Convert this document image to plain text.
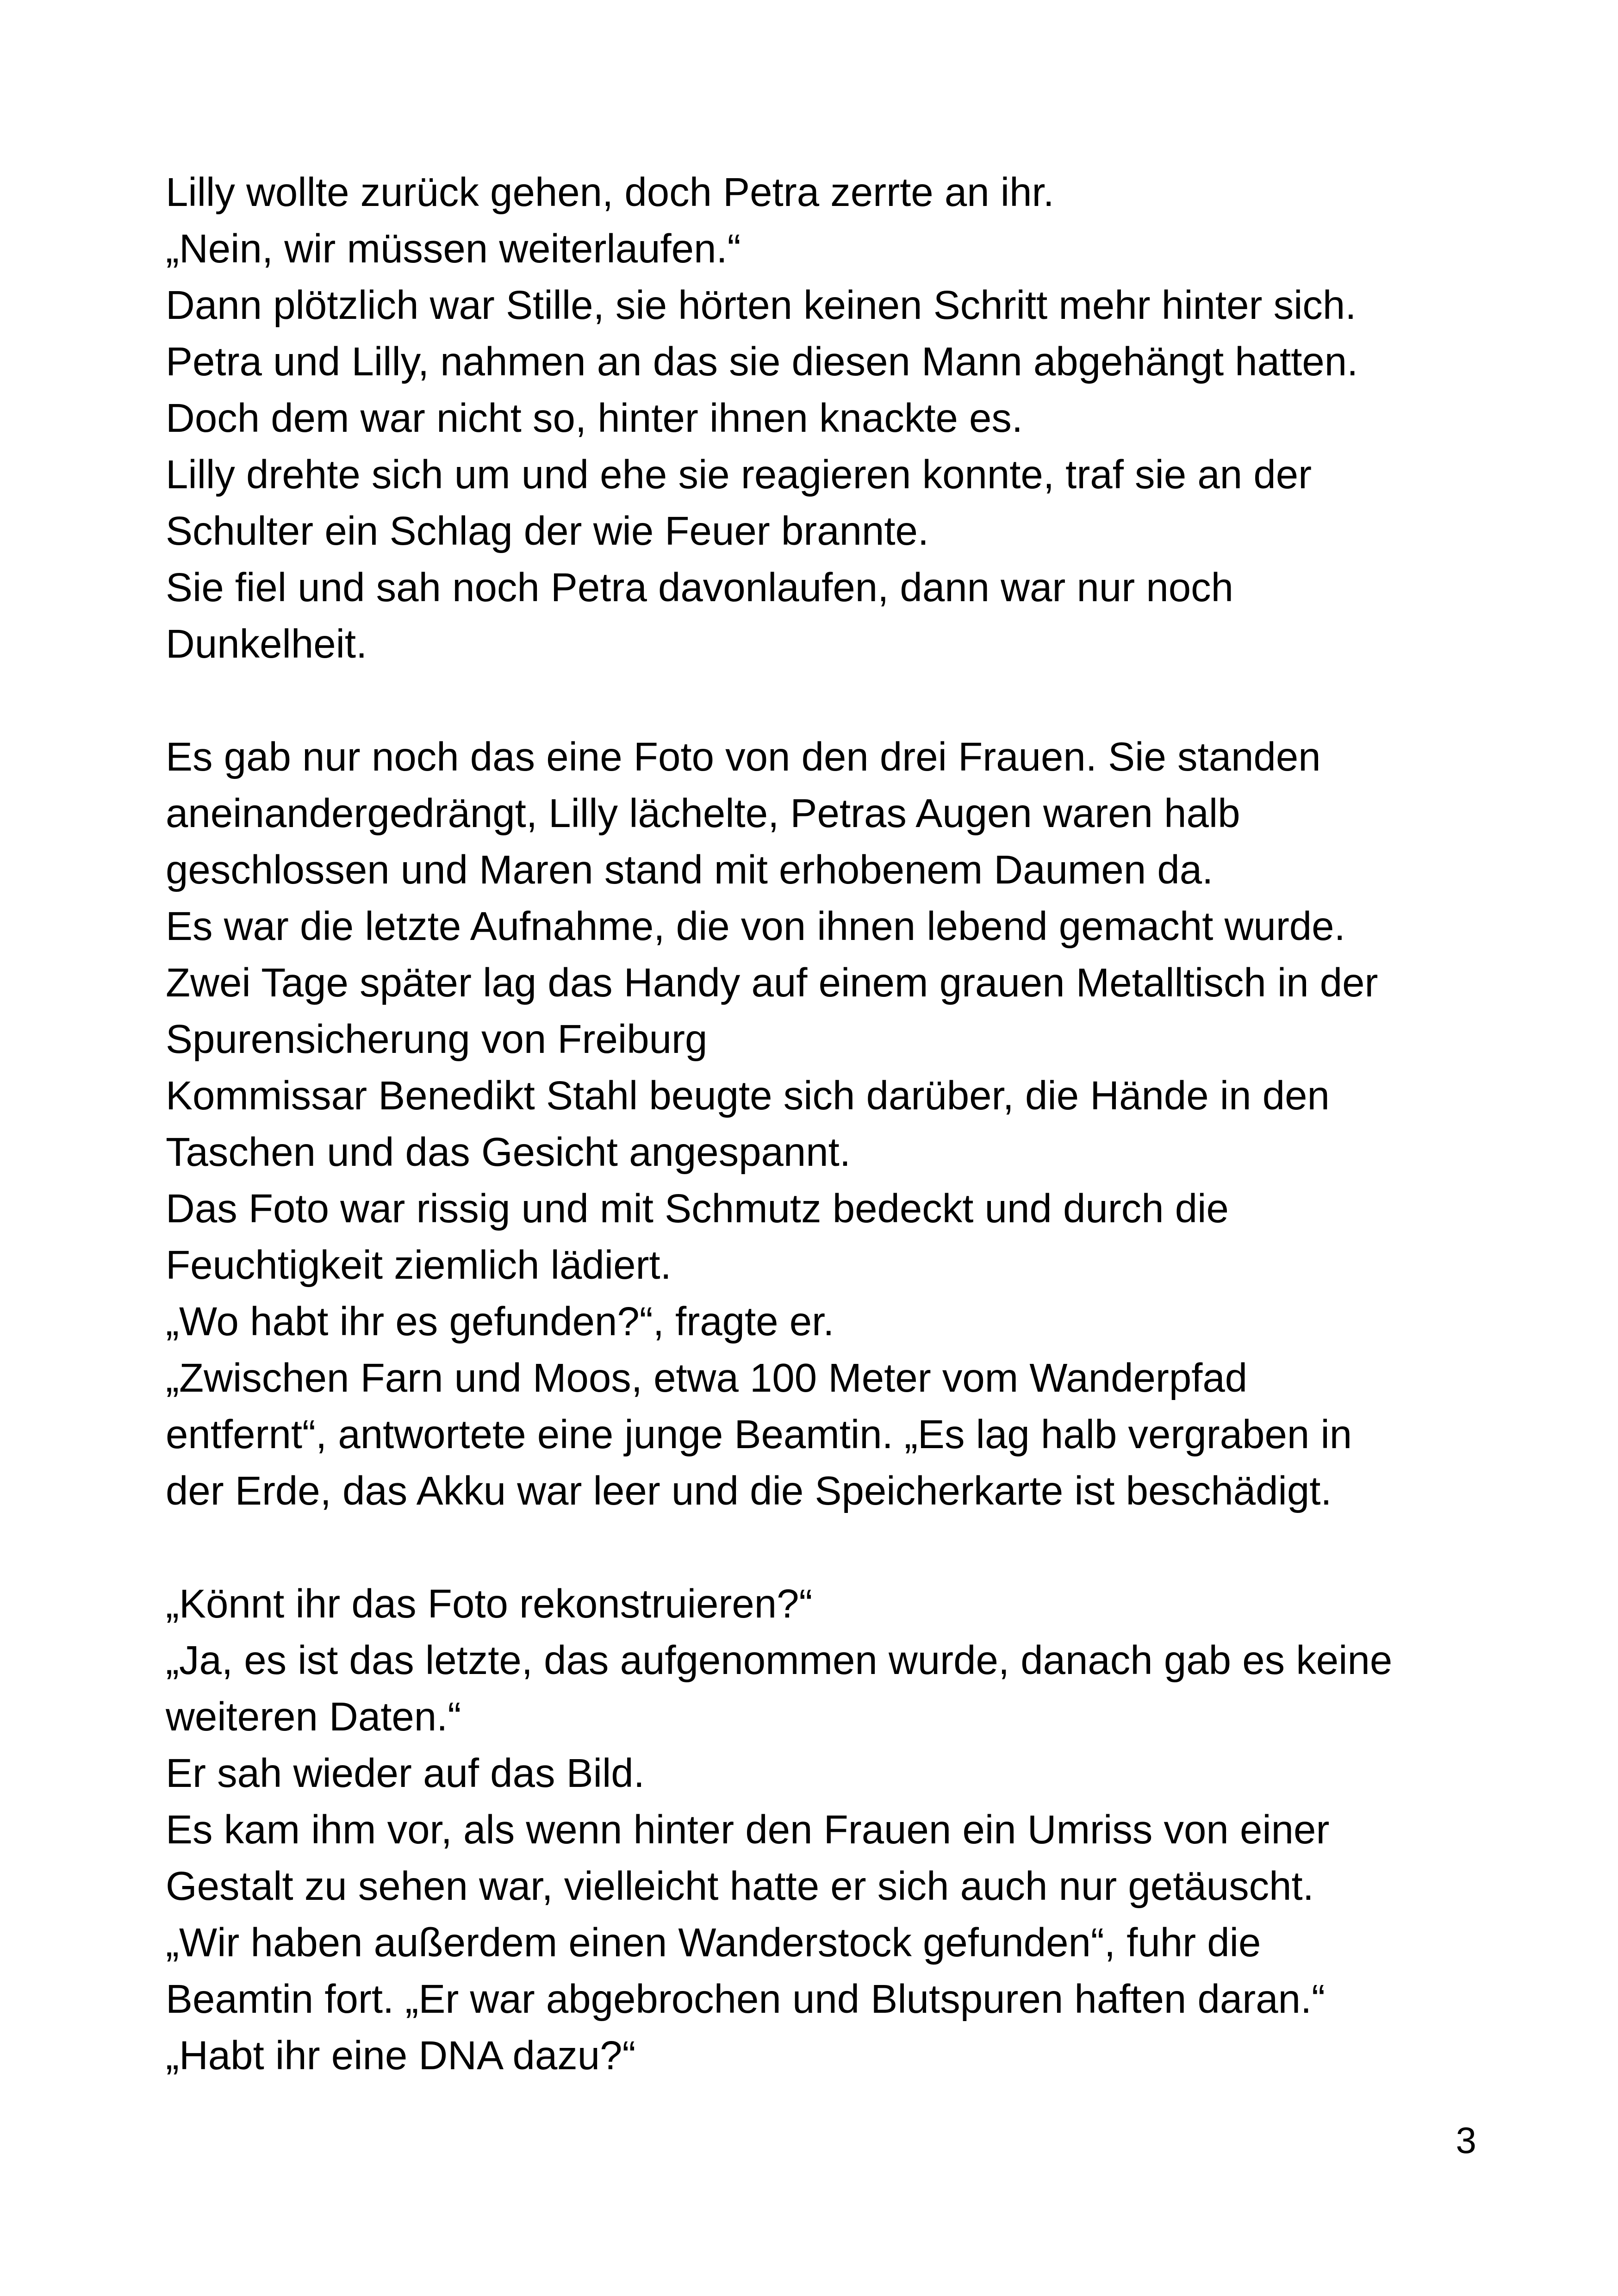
Lilly wollte zurück gehen, doch Petra zerrte an ihr.
„Nein, wir müssen weiterlaufen.“
Dann plötzlich war Stille, sie hörten keinen Schritt mehr hinter sich.
Petra und Lilly, nahmen an das sie diesen Mann abgehängt hatten.
Doch dem war nicht so, hinter ihnen knackte es.
Lilly drehte sich um und ehe sie reagieren konnte, traf sie an der
Schulter ein Schlag der wie Feuer brannte.
Sie fiel und sah noch Petra davonlaufen, dann war nur noch
Dunkelheit.
Es gab nur noch das eine Foto von den drei Frauen. Sie standen
aneinandergedrängt, Lilly lächelte, Petras Augen waren halb
geschlossen und Maren stand mit erhobenem Daumen da.
Es war die letzte Aufnahme, die von ihnen lebend gemacht wurde.
Zwei Tage später lag das Handy auf einem grauen Metalltisch in der
Spurensicherung von Freiburg
Kommissar Benedikt Stahl beugte sich darüber, die Hände in den
Taschen und das Gesicht angespannt.
Das Foto war rissig und mit Schmutz bedeckt und durch die
Feuchtigkeit ziemlich lädiert.
„Wo habt ihr es gefunden?“, fragte er.
„Zwischen Farn und Moos, etwa 100 Meter vom Wanderpfad
entfernt“, antwortete eine junge Beamtin. „Es lag halb vergraben in
der Erde, das Akku war leer und die Speicherkarte ist beschädigt.
„Könnt ihr das Foto rekonstruieren?“
„Ja, es ist das letzte, das aufgenommen wurde, danach gab es keine
weiteren Daten.“
Er sah wieder auf das Bild.
Es kam ihm vor, als wenn hinter den Frauen ein Umriss von einer
Gestalt zu sehen war, vielleicht hatte er sich auch nur getäuscht.
„Wir haben außerdem einen Wanderstock gefunden“, fuhr die
Beamtin fort. „Er war abgebrochen und Blutspuren haften daran.“
„Habt ihr eine DNA dazu?“
3
